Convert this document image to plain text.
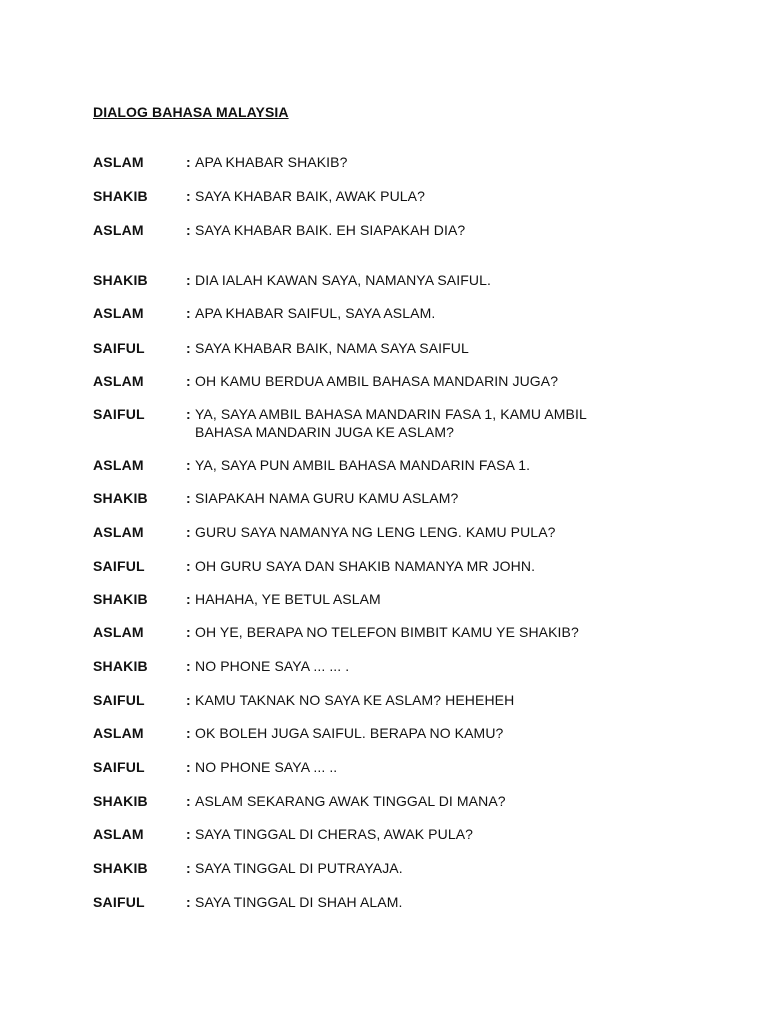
DIALOG BAHASA MALAYSIA
ASLAM	: APA KHABAR SHAKIB?
SHAKIB	: SAYA KHABAR BAIK, AWAK PULA?
ASLAM	: SAYA KHABAR BAIK. EH SIAPAKAH DIA?
SHAKIB	: DIA IALAH KAWAN SAYA, NAMANYA SAIFUL.
ASLAM	: APA KHABAR SAIFUL, SAYA ASLAM.
SAIFUL	: SAYA KHABAR BAIK, NAMA SAYA SAIFUL
ASLAM	: OH KAMU BERDUA AMBIL BAHASA MANDARIN JUGA?
SAIFUL	: YA, SAYA AMBIL BAHASA MANDARIN FASA 1, KAMU AMBIL
BAHASA MANDARIN JUGA KE ASLAM?
ASLAM	: YA, SAYA PUN AMBIL BAHASA MANDARIN FASA 1.
SHAKIB	: SIAPAKAH NAMA GURU KAMU ASLAM?
ASLAM	: GURU SAYA NAMANYA NG LENG LENG. KAMU PULA?
SAIFUL	: OH GURU SAYA DAN SHAKIB NAMANYA MR JOHN.
SHAKIB	: HAHAHA, YE BETUL ASLAM
ASLAM	: OH YE, BERAPA NO TELEFON BIMBIT KAMU YE SHAKIB?
SHAKIB	: NO PHONE SAYA ... ... .
SAIFUL	: KAMU TAKNAK NO SAYA KE ASLAM? HEHEHEH
ASLAM	: OK BOLEH JUGA SAIFUL. BERAPA NO KAMU?
SAIFUL	: NO PHONE SAYA ... ..
SHAKIB	: ASLAM SEKARANG AWAK TINGGAL DI MANA?
ASLAM	: SAYA TINGGAL DI CHERAS, AWAK PULA?
SHAKIB	: SAYA TINGGAL DI PUTRAYAJA.
SAIFUL	: SAYA TINGGAL DI SHAH ALAM.
